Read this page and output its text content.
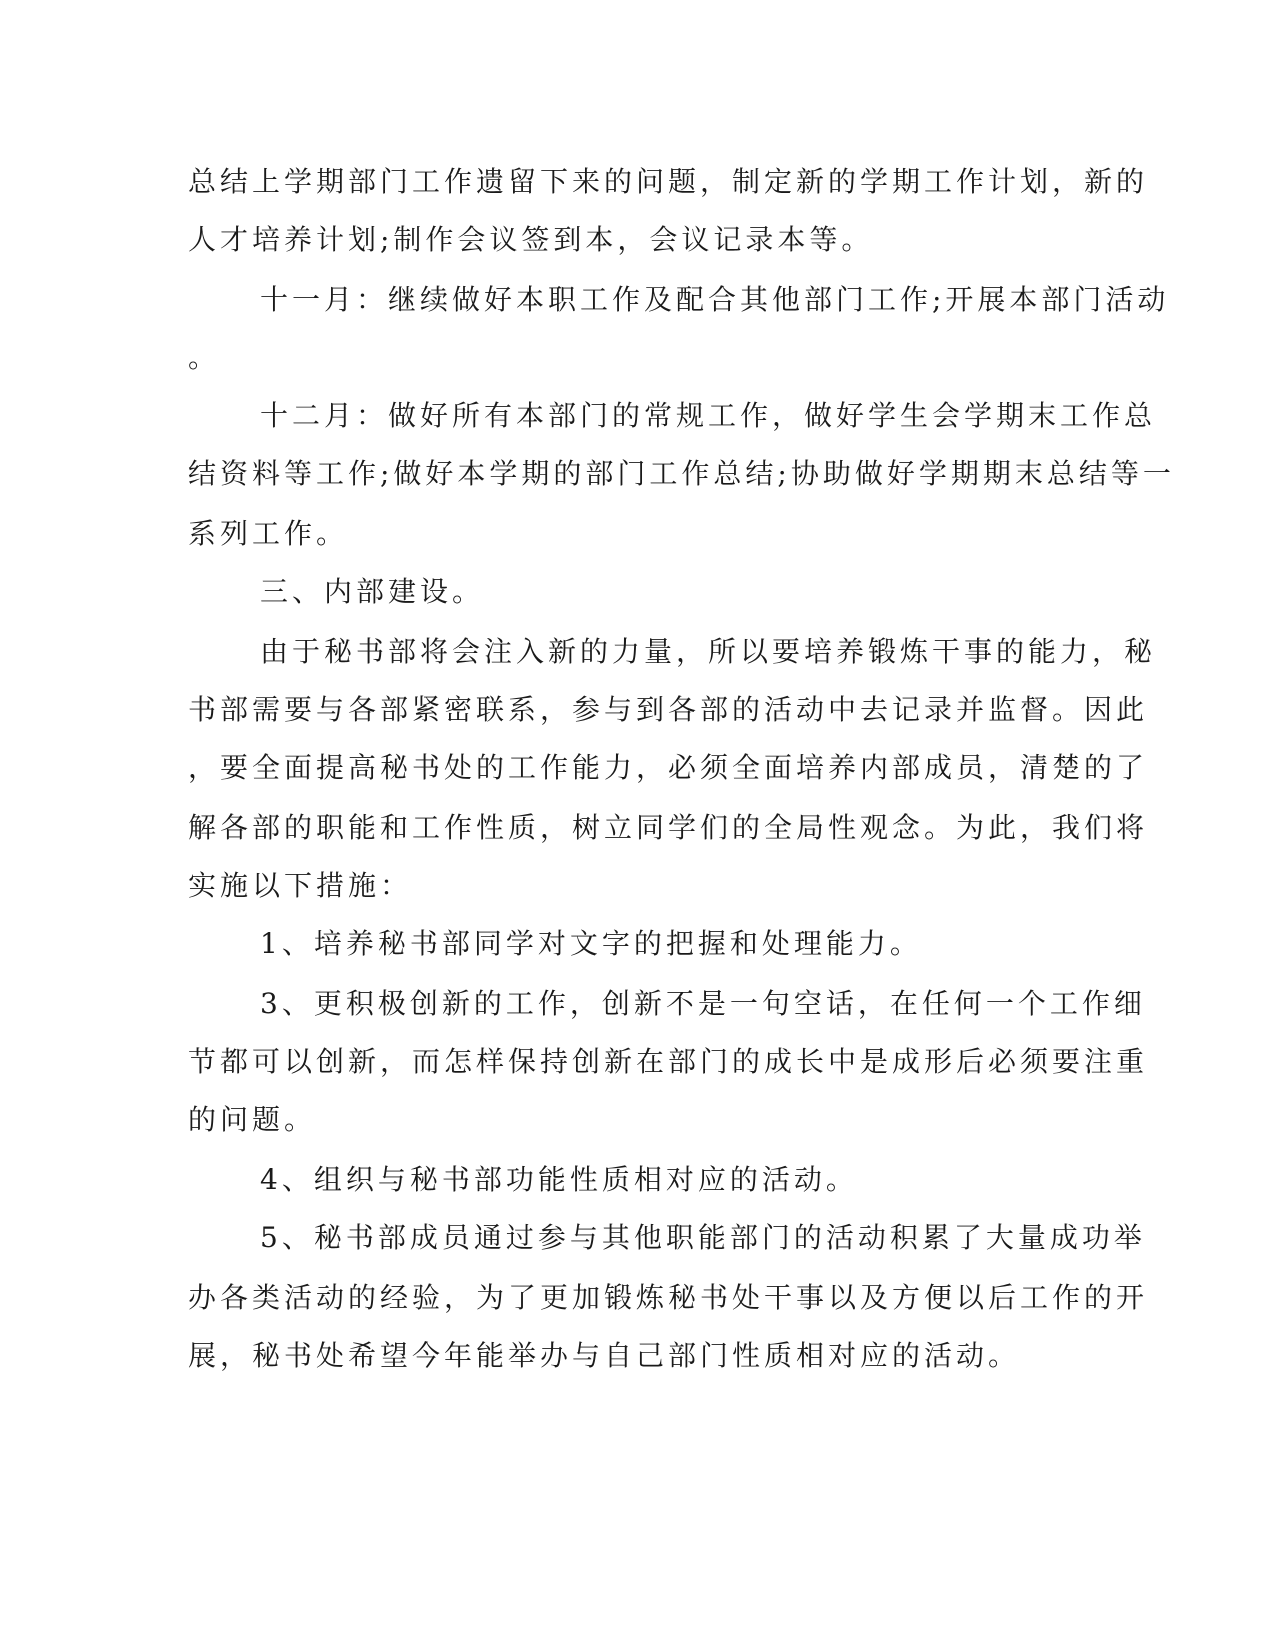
总结上学期部门工作遗留下来的问题，制定新的学期工作计划，新的

人才培养计划;制作会议签到本，会议记录本等。

十一月：继续做好本职工作及配合其他部门工作;开展本部门活动

。

十二月：做好所有本部门的常规工作，做好学生会学期末工作总

结资料等工作;做好本学期的部门工作总结;协助做好学期期末总结等一

系列工作。

三、内部建设。

由于秘书部将会注入新的力量，所以要培养锻炼干事的能力，秘

书部需要与各部紧密联系，参与到各部的活动中去记录并监督。因此

，要全面提高秘书处的工作能力，必须全面培养内部成员，清楚的了

解各部的职能和工作性质，树立同学们的全局性观念。为此，我们将

实施以下措施：

1、培养秘书部同学对文字的把握和处理能力。

3、更积极创新的工作，创新不是一句空话，在任何一个工作细

节都可以创新，而怎样保持创新在部门的成长中是成形后必须要注重

的问题。

4、组织与秘书部功能性质相对应的活动。

5、秘书部成员通过参与其他职能部门的活动积累了大量成功举

办各类活动的经验，为了更加锻炼秘书处干事以及方便以后工作的开

展，秘书处希望今年能举办与自己部门性质相对应的活动。
